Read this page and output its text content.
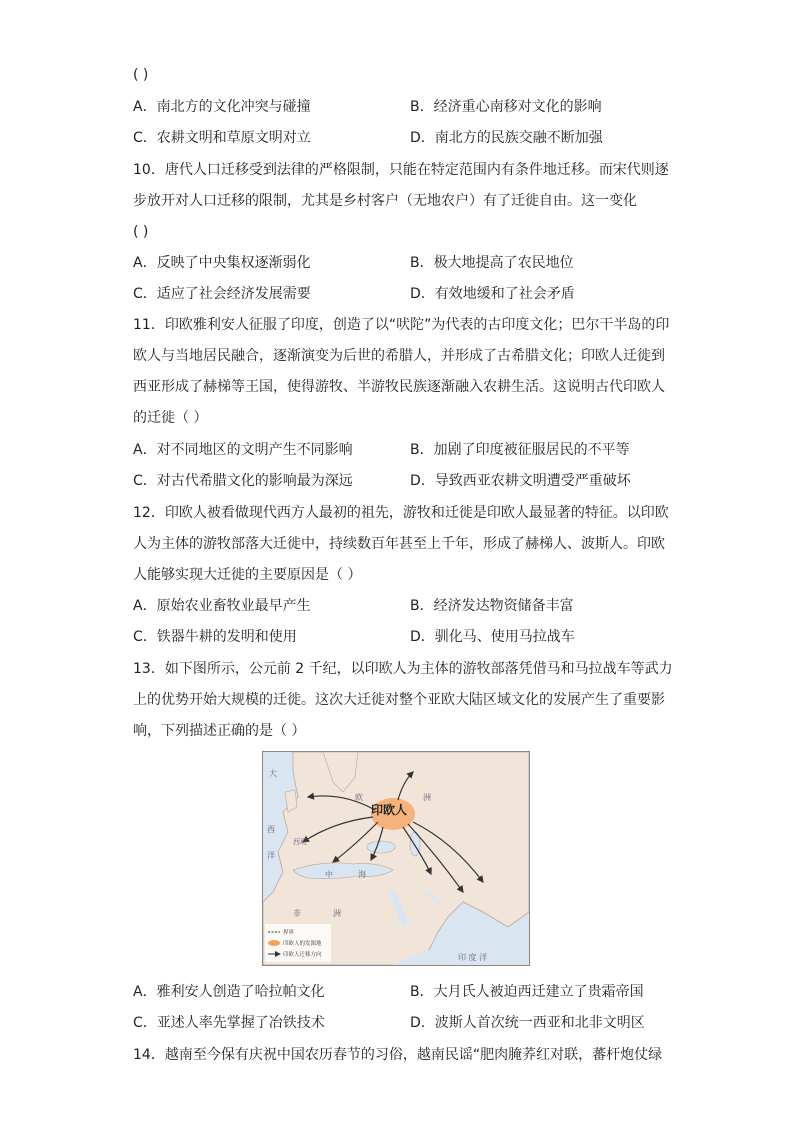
( )
A．南北方的文化冲突与碰撞	B．经济重心南移对文化的影响
C．农耕文明和草原文明对立	D．南北方的民族交融不断加强
10．唐代人口迁移受到法律的严格限制，只能在特定范围内有条件地迁移。而宋代则逐
步放开对人口迁移的限制，尤其是乡村客户（无地农户）有了迁徙自由。这一变化
( )
A．反映了中央集权逐渐弱化	B．极大地提高了农民地位
C．适应了社会经济发展需要	D．有效地缓和了社会矛盾
11．印欧雅利安人征服了印度，创造了以“吠陀”为代表的古印度文化；巴尔干半岛的印
欧人与当地居民融合，逐渐演变为后世的希腊人，并形成了古希腊文化；印欧人迁徙到
西亚形成了赫梯等王国，使得游牧、半游牧民族逐渐融入农耕生活。这说明古代印欧人
的迁徙（ ）
A．对不同地区的文明产生不同影响	B．加剧了印度被征服居民的不平等
C．对古代希腊文化的影响最为深远	D．导致西亚农耕文明遭受严重破坏
12．印欧人被看做现代西方人最初的祖先，游牧和迁徙是印欧人最显著的特征。以印欧
人为主体的游牧部落大迁徙中，持续数百年甚至上千年，形成了赫梯人、波斯人。印欧
人能够实现大迁徙的主要原因是（ ）
A．原始农业畜牧业最早产生	B．经济发达物资储备丰富
C．铁器牛耕的发明和使用	D．驯化马、使用马拉战车
13．如下图所示，公元前 2 千纪，以印欧人为主体的游牧部落凭借马和马拉战车等武力
上的优势开始大规模的迁徙。这次大迁徙对整个亚欧大陆区域文化的发展产生了重要影
响，下列描述正确的是（ ）
印欧人
大
西
洋
欧	洲
非	洲
西班
中	海
印 度 洋
界界
印欧人的发源地
印欧人迁移方向
A．雅利安人创造了哈拉帕文化	B．大月氏人被迫西迁建立了贵霜帝国
C．亚述人率先掌握了冶铁技术	D．波斯人首次统一西亚和北非文明区
14．越南至今保有庆祝中国农历春节的习俗，越南民谣“肥肉腌荞红对联，蕃杆炮仗绿
